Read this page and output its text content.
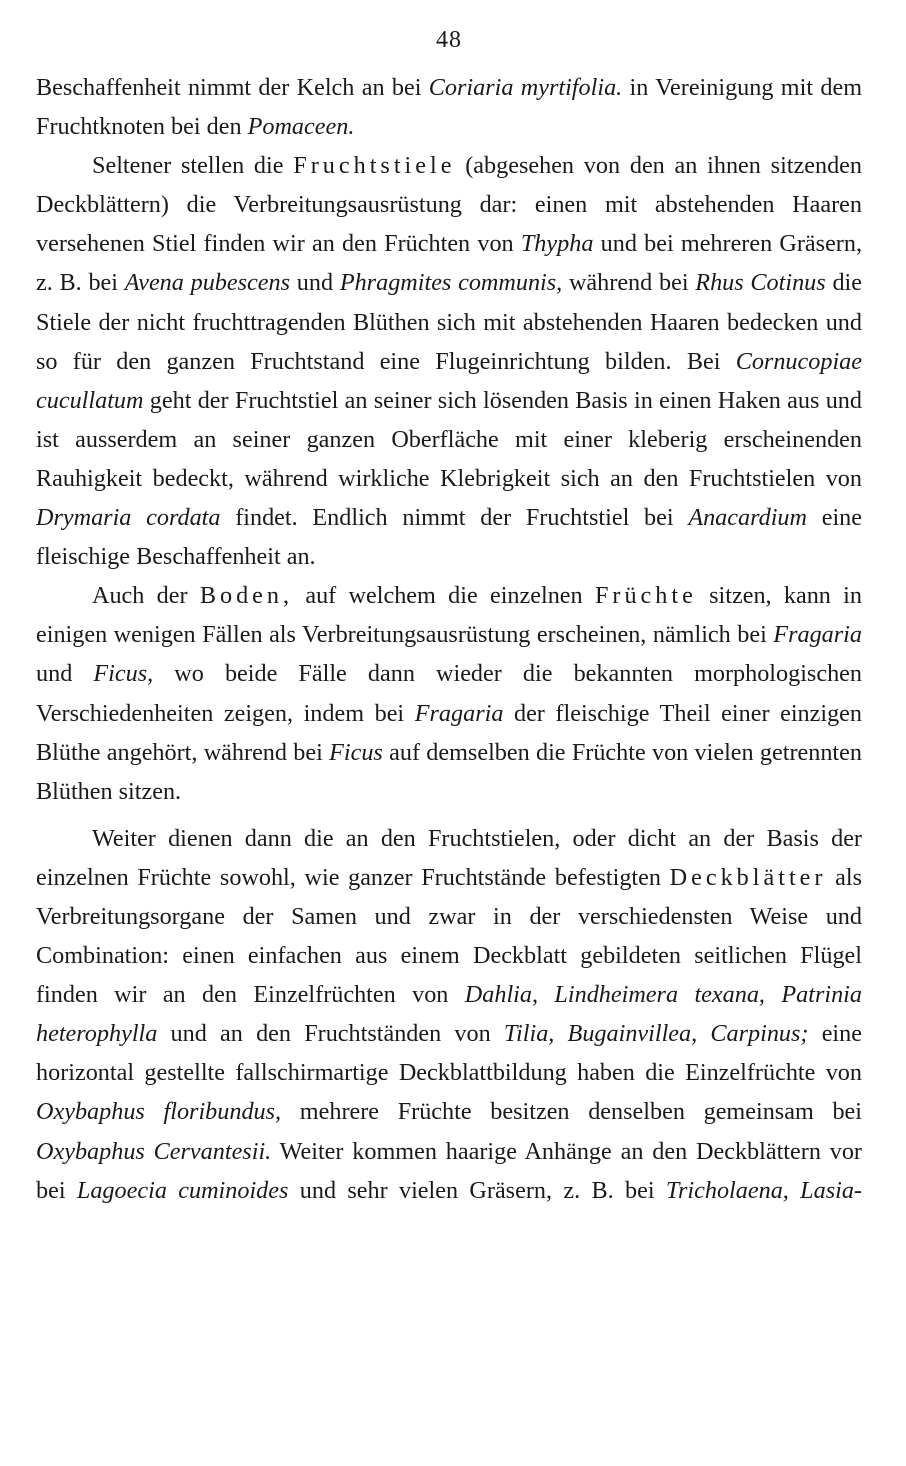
48

Beschaffenheit nimmt der Kelch an bei Coriaria myrtifolia. in Vereinigung mit dem Fruchtknoten bei den Pomaceen.

Seltener stellen die Fruchtstiele (abgesehen von den an ihnen sitzenden Deckblättern) die Verbreitungsausrüstung dar: einen mit abstehenden Haaren versehenen Stiel finden wir an den Früchten von Thypha und bei mehreren Gräsern, z. B. bei Avena pubescens und Phragmites communis, während bei Rhus Cotinus die Stiele der nicht fruchttragenden Blüthen sich mit abstehenden Haaren bedecken und so für den ganzen Fruchtstand eine Flugeinrichtung bilden. Bei Cornucopiae cucullatum geht der Fruchtstiel an seiner sich lösenden Basis in einen Haken aus und ist ausserdem an seiner ganzen Oberfläche mit einer kleberig erscheinenden Rauhigkeit bedeckt, während wirkliche Klebrigkeit sich an den Fruchtstielen von Drymaria cordata findet. Endlich nimmt der Fruchtstiel bei Anacardium eine fleischige Beschaffenheit an.

Auch der Boden, auf welchem die einzelnen Früchte sitzen, kann in einigen wenigen Fällen als Verbreitungsausrüstung erscheinen, nämlich bei Fragaria und Ficus, wo beide Fälle dann wieder die bekannten morphologischen Verschiedenheiten zeigen, indem bei Fragaria der fleischige Theil einer einzigen Blüthe angehört, während bei Ficus auf demselben die Früchte von vielen getrennten Blüthen sitzen.

Weiter dienen dann die an den Fruchtstielen, oder dicht an der Basis der einzelnen Früchte sowohl, wie ganzer Fruchtstände befestigten Deckblätter als Verbreitungsorgane der Samen und zwar in der verschiedensten Weise und Combination: einen einfachen aus einem Deckblatt gebildeten seitlichen Flügel finden wir an den Einzelfrüchten von Dahlia, Lindheimera texana, Patrinia heterophylla und an den Fruchtständen von Tilia, Bugainvillea, Carpinus; eine horizontal gestellte fallschirmartige Deckblattbildung haben die Einzelfrüchte von Oxybaphus floribundus, mehrere Früchte besitzen denselben gemeinsam bei Oxybaphus Cervantesii. Weiter kommen haarige Anhänge an den Deckblättern vor bei Lagoecia cuminoides und sehr vielen Gräsern, z. B. bei Tricholaena, Lasia-
